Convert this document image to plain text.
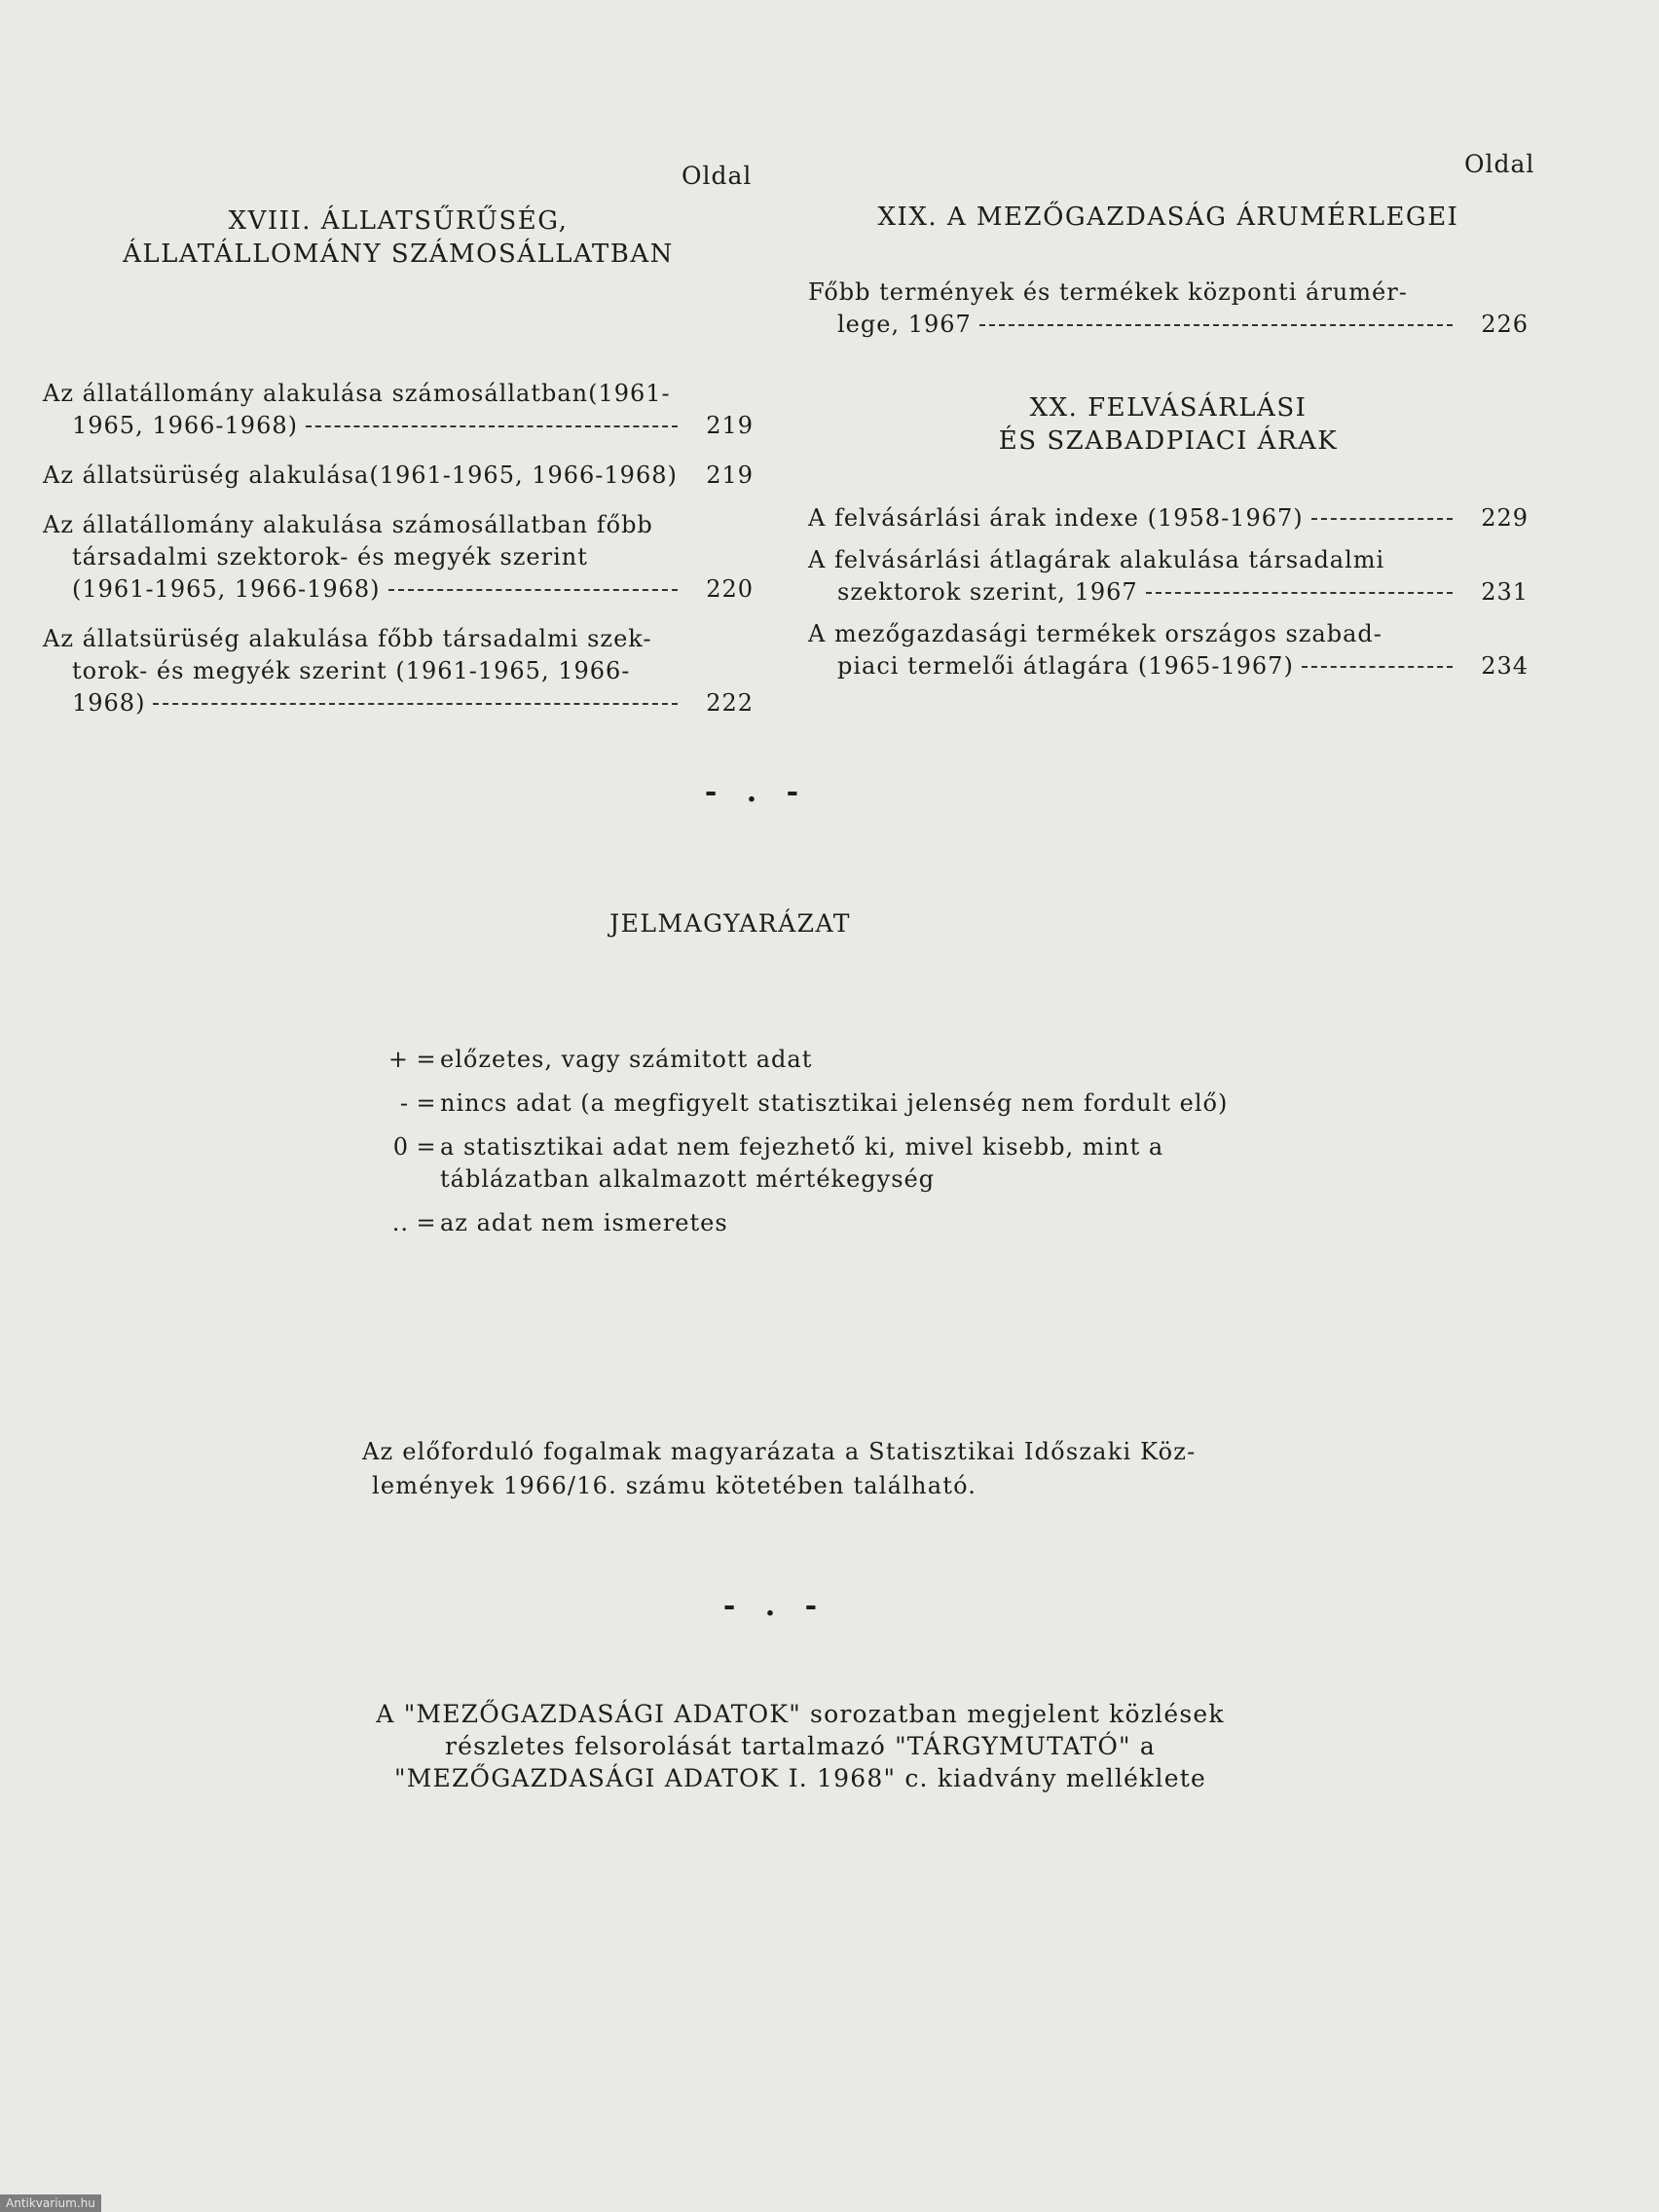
Oldal
XVIII. ÁLLATSŰRŰSÉG,
ÁLLATÁLLOMÁNY SZÁMOSÁLLATBAN
Az állatállomány alakulása számosállatban(1961-
1965, 1966-1968)	219
Az állatsürüség alakulása(1961-1965, 1966-1968)	219
Az állatállomány alakulása számosállatban főbb
társadalmi szektorok- és megyék szerint
(1961-1965, 1966-1968)	220
Az állatsürüség alakulása főbb társadalmi szek-
torok- és megyék szerint (1961-1965, 1966-
1968)	222
Oldal
XIX. A MEZŐGAZDASÁG ÁRUMÉRLEGEI
Főbb termények és termékek központi árumér-
lege, 1967	226
XX. FELVÁSÁRLÁSI
ÉS SZABADPIACI ÁRAK
A felvásárlási árak indexe (1958-1967)	229
A felvásárlási átlagárak alakulása társadalmi
szektorok szerint, 1967	231
A mezőgazdasági termékek országos szabad-
piaci termelői átlagára (1965-1967)	234
- . -
JELMAGYARÁZAT
+ = előzetes, vagy számitott adat
- = nincs adat (a megfigyelt statisztikai jelenség nem fordult elő)
0 = a statisztikai adat nem fejezhető ki, mivel kisebb, mint a
táblázatban alkalmazott mértékegység
.. = az adat nem ismeretes
Az előforduló fogalmak magyarázata a Statisztikai Időszaki Köz-
lemények 1966/16. számu kötetében található.
- . -
A "MEZŐGAZDASÁGI ADATOK" sorozatban megjelent közlések
részletes felsorolását tartalmazó "TÁRGYMUTATÓ" a
"MEZŐGAZDASÁGI ADATOK I. 1968" c. kiadvány melléklete
Antikvarium.hu
